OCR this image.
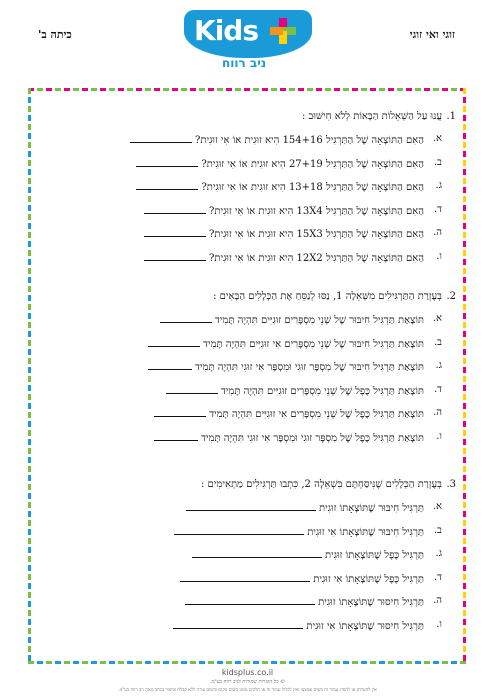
כיתה ב'	Kids
ניב רווח
זוגי ואי זוגי
1.
עֲנוּ עַל הַשְּׁאֵלוֹת הַבָּאוֹת לְלֹא חִישּׁוּב :
א.
הַאִם הַתּוֹצָאָה שֶׁל הַתַּרְגִּיל 154+16 הִיא זוּגִית אוֹ אִי זוּגִית?
ב.
הַאִם הַתּוֹצָאָה שֶׁל הַתַּרְגִּיל 27+19 הִיא זוּגִית אוֹ אִי זוּגִית?
ג.
הַאִם הַתּוֹצָאָה שֶׁל הַתַּרְגִּיל 13+18 הִיא זוּגִית אוֹ אִי זוּגִית?
ד.
הַאִם הַתּוֹצָאָה שֶׁל הַתַּרְגִּיל 13X4 הִיא זוּגִית אוֹ אִי זוּגִית?
ה.
הַאִם הַתּוֹצָאָה שֶׁל הַתַּרְגִּיל 15X3 הִיא זוּגִית אוֹ אִי זוּגִית?
ו.
הַאִם הַתּוֹצָאָה שֶׁל הַתַּרְגִּיל 12X2 הִיא זוּגִית אוֹ אִי זוּגִית?
2.
בְּעֶזְרַת הַתַּרְגִּילִים מִשְּׁאֵלָה 1, נַסּוּ לְנַסֵּחַ אֶת הַכְּלָלִים הַבָּאִים :
א.
תּוֹצָאַת תַּרְגִּיל חִיבּוּר שֶׁל שְׁנֵי מִסְפָּרִים זוּגִיִּים תִּהְיֶה תָּמִיד
ב.
תּוֹצָאַת תַּרְגִּיל חִיבּוּר שֶׁל שְׁנֵי מִסְפָּרִים אִי זוּגִיִּים תִּהְיֶה תָּמִיד
ג.
תּוֹצָאַת תַּרְגִּיל חִיבּוּר שֶׁל מִסְפָּר זוּגִי וּמִסְפָּר אִי זוּגִי תִּהְיֶה תָּמִיד
ד.
תּוֹצָאַת תַּרְגִּיל כֶּפֶל שֶׁל שְׁנֵי מִסְפָּרִים זוּגִיִּים תִּהְיֶה תָּמִיד
ה.
תּוֹצָאַת תַּרְגִּיל כֶּפֶל שֶׁל שְׁנֵי מִסְפָּרִים אִי זוּגִיִּים תִּהְיֶה תָּמִיד
ו.
תּוֹצָאַת תַּרְגִּיל כֶּפֶל שֶׁל מִסְפָּר זוּגִי וּמִסְפָּר אִי זוּגִי תִּהְיֶה תָּמִיד
3.
בְּעֶזְרַת הַכְּלָלִים שֶׁנִּיסַּחְתֶּם בִּשְׁאֵלָה 2, כִּתְבוּ תַּרְגִּילִים מַתְאִימִים :
א.
תַּרְגִּיל חִיבּוּר שֶׁתּוֹצָאָתוֹ זוּגִית
ב.
תַּרְגִּיל חִיבּוּר שֶׁתּוֹצָאָתוֹ אִי זוּגִית
ג.
תַּרְגִּיל כֶּפֶל שֶׁתּוֹצָאָתוֹ זוּגִית
ד.
תַּרְגִּיל כֶּפֶל שֶׁתּוֹצָאָתוֹ אִי זוּגִית
ה.
תַּרְגִּיל חִיסּוּר שֶׁתּוֹצָאָתוֹ זוּגִית
ו.
תַּרְגִּיל חִיסּוּר שֶׁתּוֹצָאָתוֹ אִי זוּגִית
kidsplus.co.il
© כל הזכויות שמורות לניב רווח בע"מ.
אין להעתיק או להפיץ עמוד זה בשום אמצעי ואין לכלול עמוד זה או חלקים ממנו בשום מקום ובשום צורה ללא קבלת אישור בכתב מאת ניב רווח בע"מ.
